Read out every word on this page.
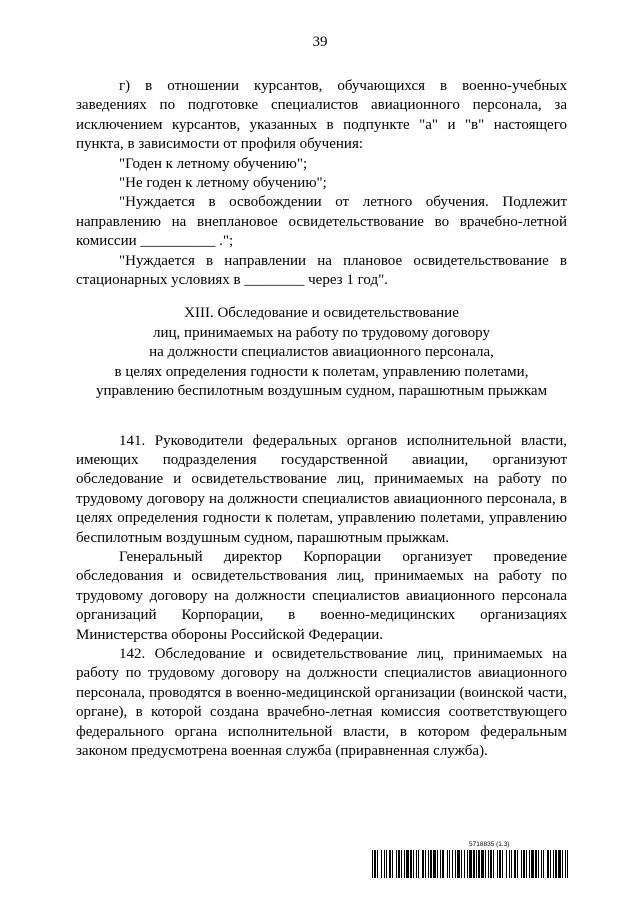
39

г) в отношении курсантов, обучающихся в военно-учебных заведениях по подготовке специалистов авиационного персонала, за исключением курсантов, указанных в подпункте "а" и "в" настоящего пункта, в зависимости от профиля обучения:

"Годен к летному обучению";

"Не годен к летному обучению";

"Нуждается в освобождении от летного обучения. Подлежит направлению на внеплановое освидетельствование во врачебно-летной комиссии __________ .";

"Нуждается в направлении на плановое освидетельствование в стационарных условиях в ________ через 1 год".

XIII. Обследование и освидетельствование
лиц, принимаемых на работу по трудовому договору
на должности специалистов авиационного персонала,
в целях определения годности к полетам, управлению полетами,
управлению беспилотным воздушным судном, парашютным прыжкам

141. Руководители федеральных органов исполнительной власти, имеющих подразделения государственной авиации, организуют обследование и освидетельствование лиц, принимаемых на работу по трудовому договору на должности специалистов авиационного персонала, в целях определения годности к полетам, управлению полетами, управлению беспилотным воздушным судном, парашютным прыжкам.

Генеральный директор Корпорации организует проведение обследования и освидетельствования лиц, принимаемых на работу по трудовому договору на должности специалистов авиационного персонала организаций Корпорации, в военно-медицинских организациях Министерства обороны Российской Федерации.

142. Обследование и освидетельствование лиц, принимаемых на работу по трудовому договору на должности специалистов авиационного персонала, проводятся в военно-медицинской организации (воинской части, органе), в которой создана врачебно-летная комиссия соответствующего федерального органа исполнительной власти, в котором федеральным законом предусмотрена военная служба (приравненная служба).

5718835 (1.3)
